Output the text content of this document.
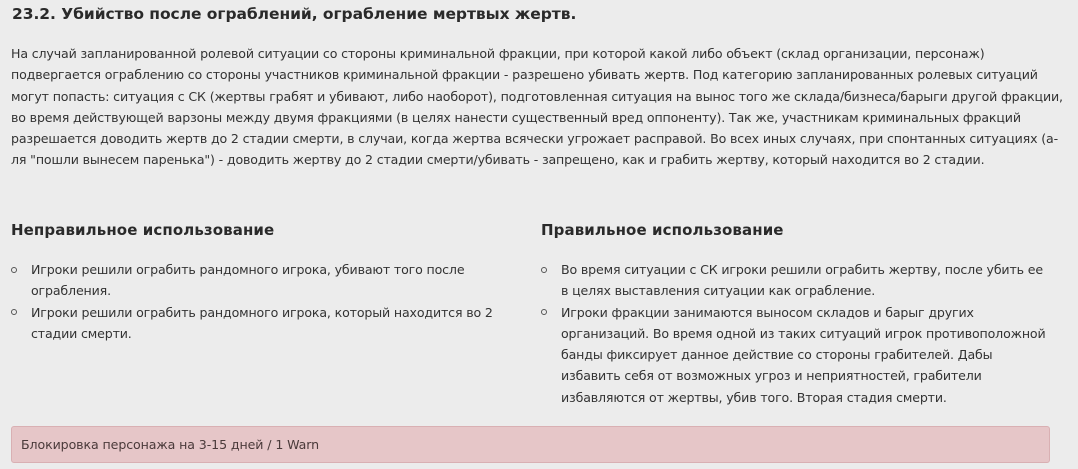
23.2. Убийство после ограблений, ограбление мертвых жертв.

На случай запланированной ролевой ситуации со стороны криминальной фракции, при которой какой либо объект (склад организации, персонаж) подвергается ограблению со стороны участников криминальной фракции - разрешено убивать жертв. Под категорию запланированных ролевых ситуаций могут попасть: ситуация с СК (жертвы грабят и убивают, либо наоборот), подготовленная ситуация на вынос того же склада/бизнеса/барыги другой фракции, во время действующей варзоны между двумя фракциями (в целях нанести существенный вред оппоненту). Так же, участникам криминальных фракций разрешается доводить жертв до 2 стадии смерти, в случаи, когда жертва всячески угрожает расправой. Во всех иных случаях, при спонтанных ситуациях (а-ля "пошли вынесем паренька") - доводить жертву до 2 стадии смерти/убивать - запрещено, как и грабить жертву, который находится во 2 стадии.

Неправильное использование
Игроки решили ограбить рандомного игрока, убивают того после ограбления.
Игроки решили ограбить рандомного игрока, который находится во 2 стадии смерти.
Правильное использование
Во время ситуации с СК игроки решили ограбить жертву, после убить ее в целях выставления ситуации как ограбление.
Игроки фракции занимаются выносом складов и барыг других организаций. Во время одной из таких ситуаций игрок противоположной банды фиксирует данное действие со стороны грабителей. Дабы избавить себя от возможных угроз и неприятностей, грабители избавляются от жертвы, убив того. Вторая стадия смерти.
Блокировка персонажа на 3-15 дней / 1 Warn
